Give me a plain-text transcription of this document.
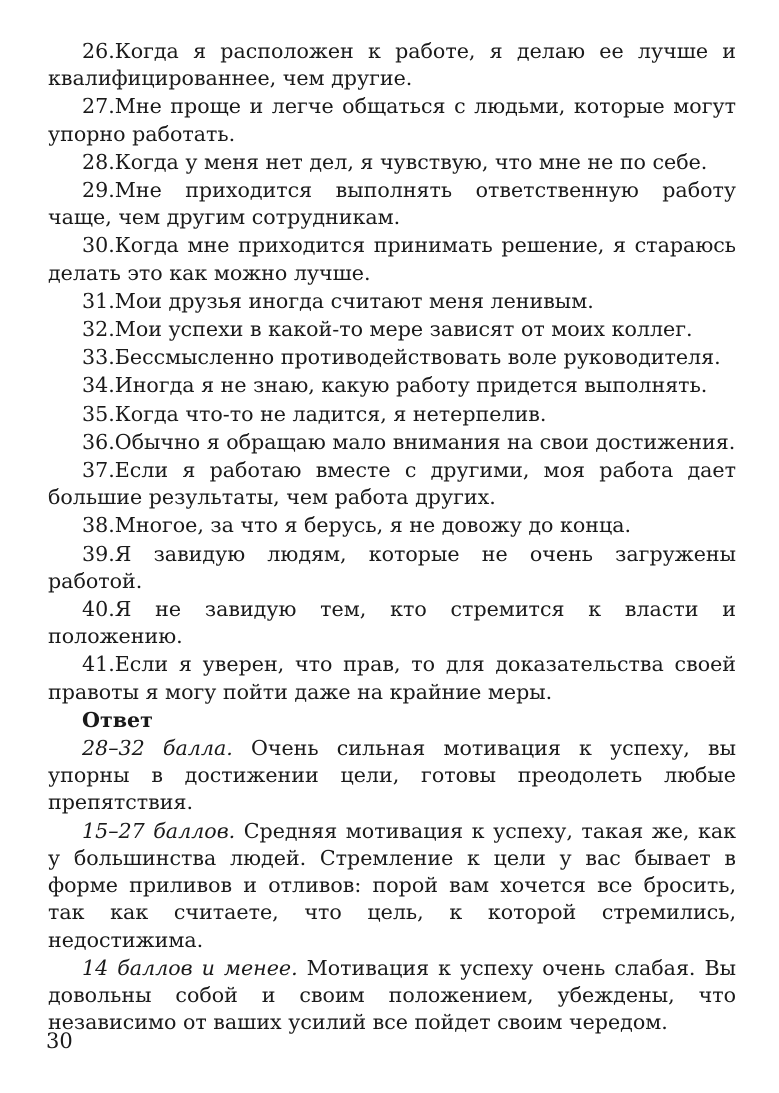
26.Когда я расположен к работе, я делаю ее лучше и квалифицированнее, чем другие.

27.Мне проще и легче общаться с людьми, которые могут упорно работать.

28.Когда у меня нет дел, я чувствую, что мне не по себе.

29.Мне приходится выполнять ответственную работу чаще, чем другим сотрудникам.

30.Когда мне приходится принимать решение, я стараюсь делать это как можно лучше.

31.Мои друзья иногда считают меня ленивым.

32.Мои успехи в какой-то мере зависят от моих коллег.

33.Бессмысленно противодействовать воле руководителя.

34.Иногда я не знаю, какую работу придется выполнять.

35.Когда что-то не ладится, я нетерпелив.

36.Обычно я обращаю мало внимания на свои достижения.

37.Если я работаю вместе с другими, моя работа дает большие результаты, чем работа других.

38.Многое, за что я берусь, я не довожу до конца.

39.Я завидую людям, которые не очень загружены работой.

40.Я не завидую тем, кто стремится к власти и положению.

41.Если я уверен, что прав, то для доказательства своей правоты я могу пойти даже на крайние меры.

Ответ

28–32 балла. Очень сильная мотивация к успеху, вы упорны в достижении цели, готовы преодолеть любые препятствия.

15–27 баллов. Средняя мотивация к успеху, такая же, как у большинства людей. Стремление к цели у вас бывает в форме приливов и отливов: порой вам хочется все бросить, так как считаете, что цель, к которой стремились, недостижима.

14 баллов и менее. Мотивация к успеху очень слабая. Вы довольны собой и своим положением, убеждены, что независимо от ваших усилий все пойдет своим чередом.

30
